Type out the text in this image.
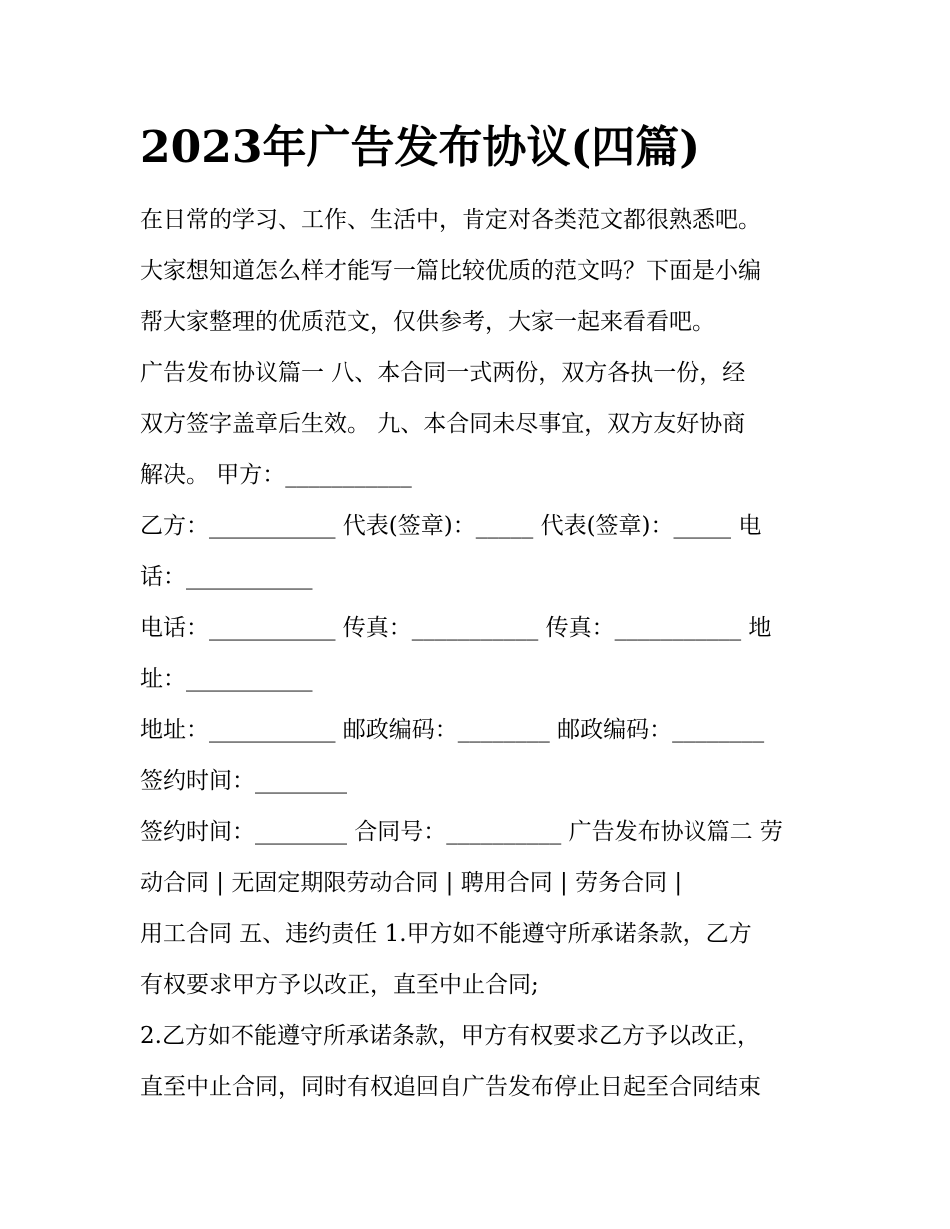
2023年广告发布协议(四篇)

在日常的学习、工作、生活中，肯定对各类范文都很熟悉吧。

大家想知道怎么样才能写一篇比较优质的范文吗？下面是小编

帮大家整理的优质范文，仅供参考，大家一起来看看吧。

广告发布协议篇一 八、本合同一式两份，双方各执一份，经

双方签字盖章后生效。 九、本合同未尽事宜，双方友好协商

解决。 甲方：___________

乙方：___________ 代表(签章)：_____ 代表(签章)：_____ 电

话：___________

电话：___________ 传真：___________ 传真：___________ 地

址：___________

地址：___________ 邮政编码：________ 邮政编码：________

签约时间：________

签约时间：________ 合同号：__________ 广告发布协议篇二 劳

动合同 | 无固定期限劳动合同 | 聘用合同 | 劳务合同 |

用工合同 五、违约责任 1.甲方如不能遵守所承诺条款，乙方

有权要求甲方予以改正，直至中止合同;

2.乙方如不能遵守所承诺条款，甲方有权要求乙方予以改正，

直至中止合同，同时有权追回自广告发布停止日起至合同结束
